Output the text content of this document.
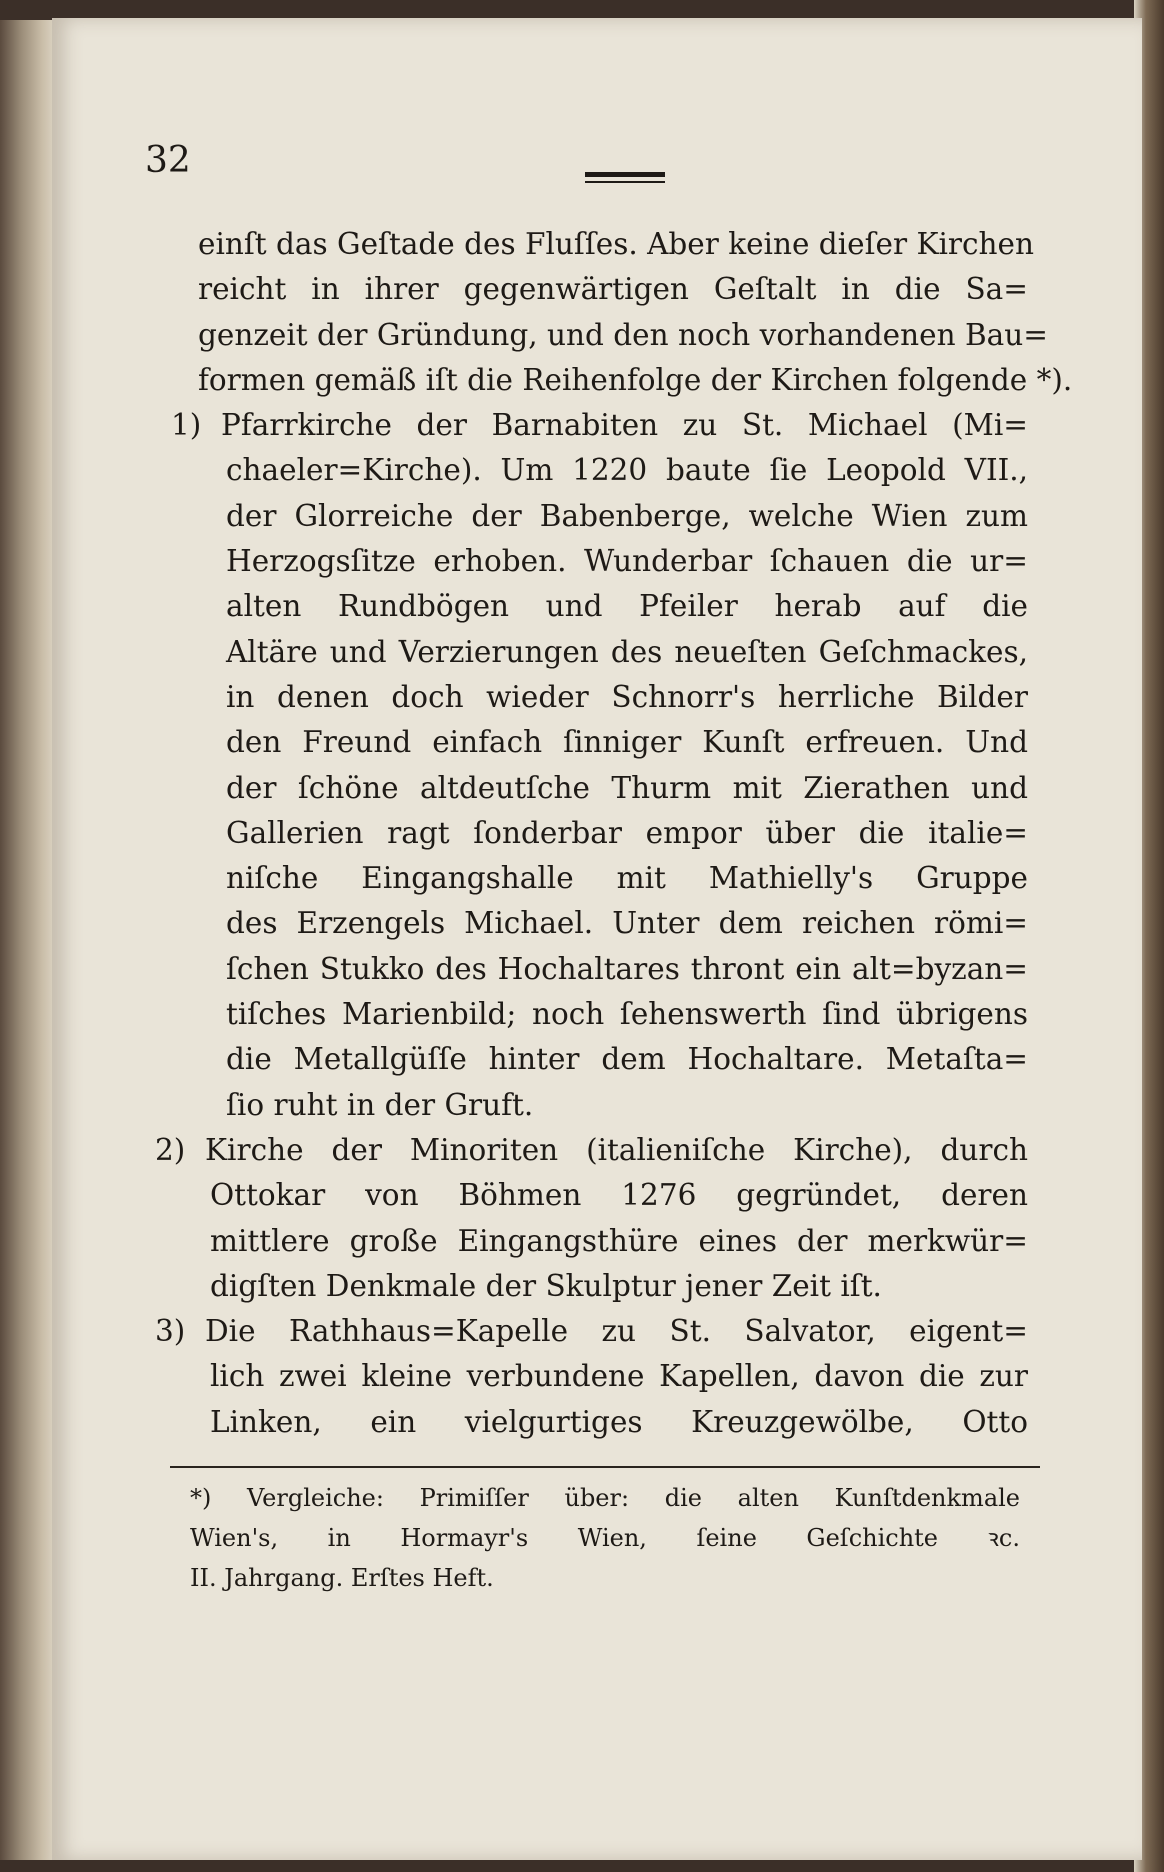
32
einſt das Geſtade des Fluſſes. Aber keine dieſer Kirchen
reicht in ihrer gegenwärtigen Geſtalt in die Sa=
genzeit der Gründung, und den noch vorhandenen Bau=
formen gemäß iſt die Reihenfolge der Kirchen folgende *).
1) Pfarrkirche der Barnabiten zu St. Michael (Mi=
chaeler=Kirche). Um 1220 baute ſie Leopold VII.,
der Glorreiche der Babenberge, welche Wien zum
Herzogsſitze erhoben. Wunderbar ſchauen die ur=
alten Rundbögen und Pfeiler herab auf die
Altäre und Verzierungen des neueſten Geſchmackes,
in denen doch wieder Schnorr's herrliche Bilder
den Freund einfach ſinniger Kunſt erfreuen. Und
der ſchöne altdeutſche Thurm mit Zierathen und
Gallerien ragt ſonderbar empor über die italie=
niſche Eingangshalle mit Mathielly's Gruppe
des Erzengels Michael. Unter dem reichen römi=
ſchen Stukko des Hochaltares thront ein alt=byzan=
tiſches Marienbild; noch ſehenswerth ſind übrigens
die Metallgüſſe hinter dem Hochaltare. Metaſta=
ſio ruht in der Gruft.
2) Kirche der Minoriten (italieniſche Kirche), durch
Ottokar von Böhmen 1276 gegründet, deren
mittlere große Eingangsthüre eines der merkwür=
digſten Denkmale der Skulptur jener Zeit iſt.
3) Die Rathhaus=Kapelle zu St. Salvator, eigent=
lich zwei kleine verbundene Kapellen, davon die zur
Linken, ein vielgurtiges Kreuzgewölbe, Otto
*) Vergleiche: Primiſſer über: die alten Kunſtdenkmale
Wien's, in Hormayr's Wien, ſeine Geſchichte ꝛc.
II. Jahrgang. Erſtes Heft.
